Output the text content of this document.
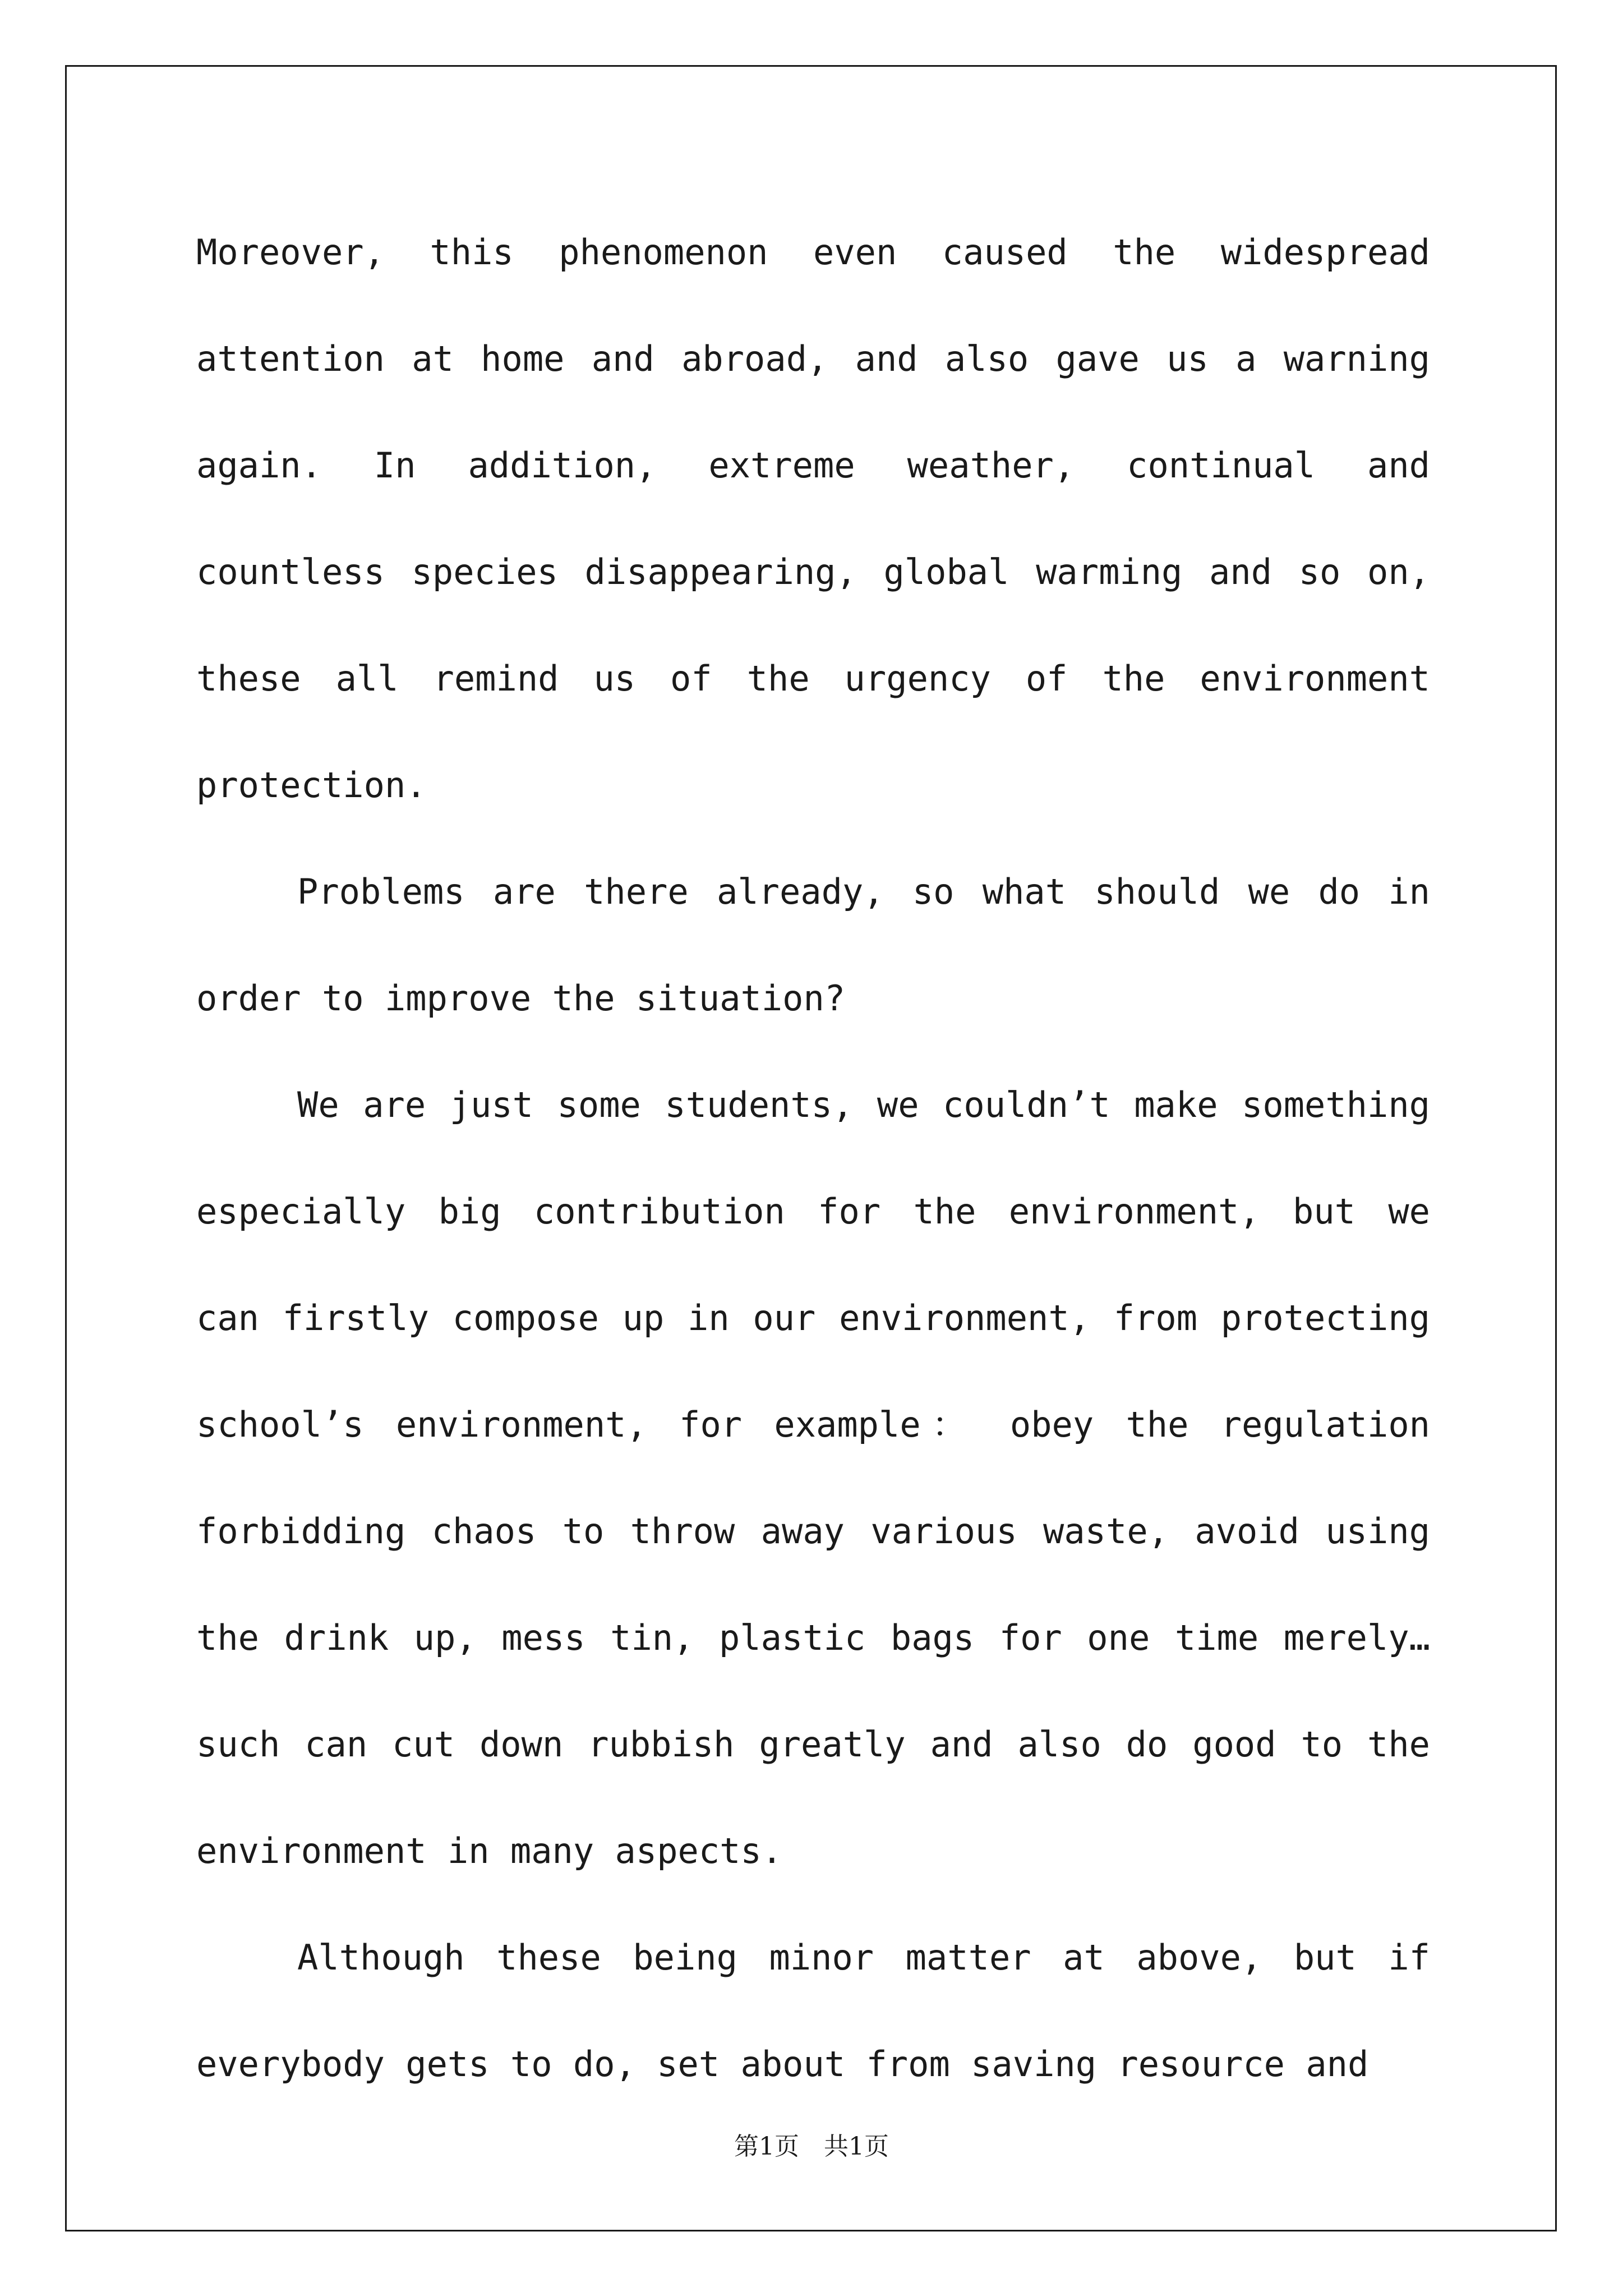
Moreover, this phenomenon even caused the widespread attention at home and abroad, and also gave us a warning again. In addition, extreme weather, continual and countless species disappearing, global warming and so on, these all remind us of the urgency of the environment protection.

Problems are there already, so what should we do in order to improve the situation?

We are just some students, we couldn’t make something especially big contribution for the environment, but we can firstly compose up in our environment, from protecting school’s environment, for example： obey the regulation forbidding chaos to throw away various waste, avoid using the drink up, mess tin, plastic bags for one time merely…such can cut down rubbish greatly and also do good to the environment in many aspects.

Although these being minor matter at above, but if everybody gets to do, set about from saving resource and

第1页　共1页
